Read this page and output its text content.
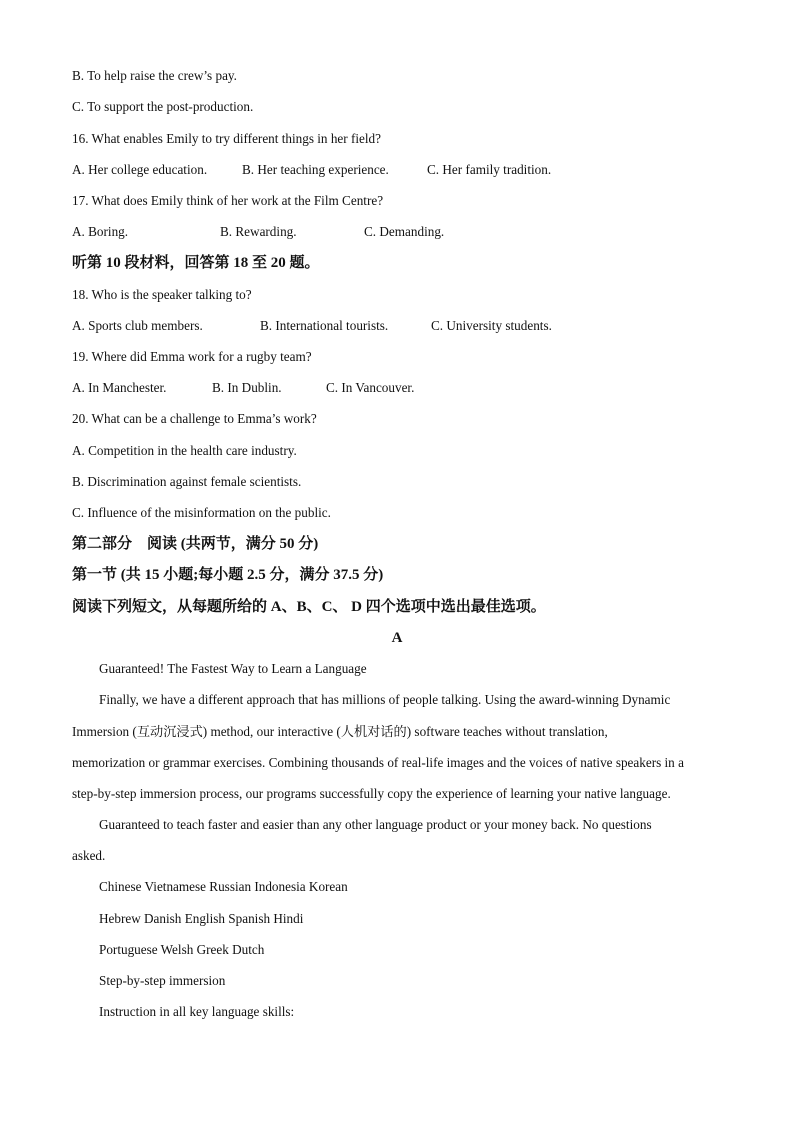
B. To help raise the crew’s pay.
C. To support the post-production.
16. What enables Emily to try different things in her field?
A. Her college education.	B. Her teaching experience.	C. Her family tradition.
17. What does Emily think of her work at the Film Centre?
A. Boring.	B. Rewarding.	C. Demanding.
听第 10 段材料，回答第 18 至 20 题。
18. Who is the speaker talking to?
A. Sports club members.	B. International tourists.	C. University students.
19. Where did Emma work for a rugby team?
A. In Manchester.	B. In Dublin.	C. In Vancouver.
20. What can be a challenge to Emma’s work?
A. Competition in the health care industry.
B. Discrimination against female scientists.
C. Influence of the misinformation on the public.
第二部分　阅读 (共两节，满分 50 分)
第一节 (共 15 小题;每小题 2.5 分，满分 37.5 分)
阅读下列短文，从每题所给的 A、B、C、 D 四个选项中选出最佳选项。
A
Guaranteed! The Fastest Way to Learn a Language
Finally, we have a different approach that has millions of people talking. Using the award-winning Dynamic
Immersion (互动沉浸式) method, our interactive (人机对话的) software teaches without translation,
memorization or grammar exercises. Combining thousands of real-life images and the voices of native speakers in a
step-by-step immersion process, our programs successfully copy the experience of learning your native language.
Guaranteed to teach faster and easier than any other language product or your money back. No questions
asked.
Chinese Vietnamese Russian Indonesia Korean
Hebrew Danish English Spanish Hindi
Portuguese Welsh Greek Dutch
Step-by-step immersion
Instruction in all key language skills:
